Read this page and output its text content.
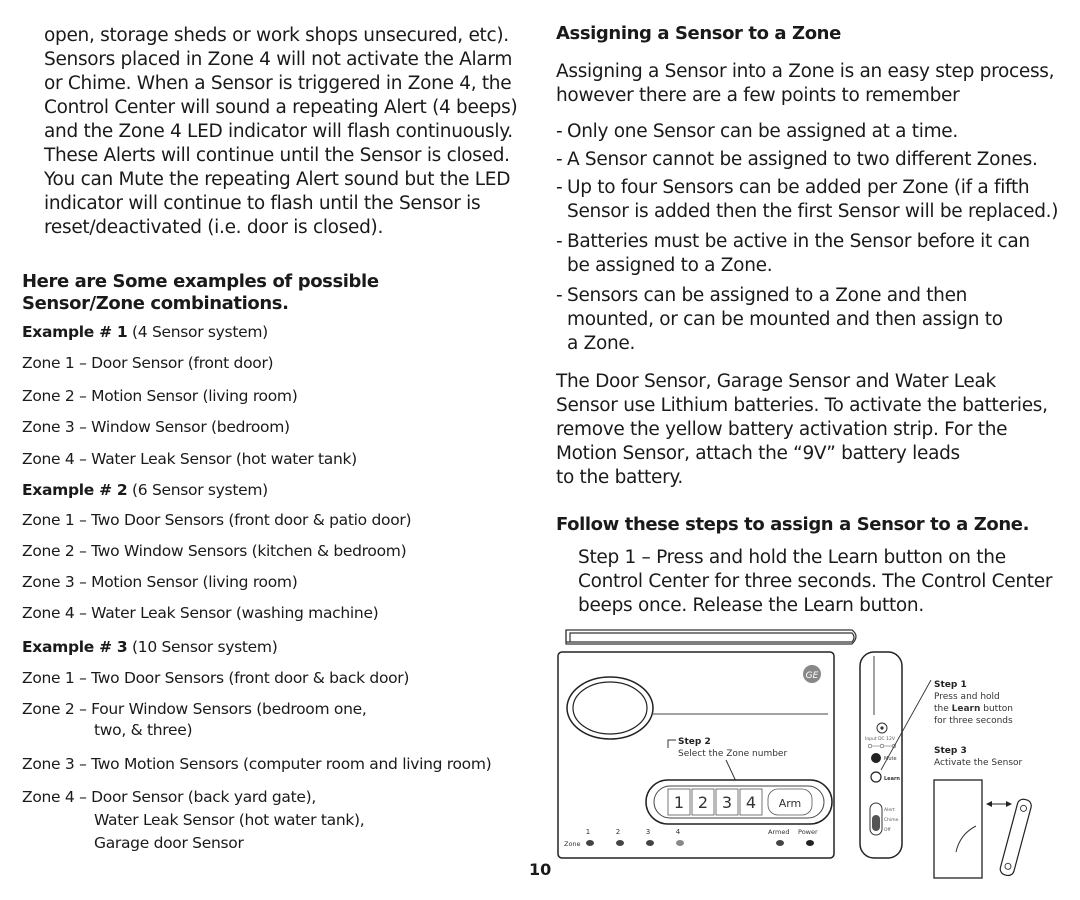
open, storage sheds or work shops unsecured, etc).

Sensors placed in Zone 4 will not activate the Alarm

or Chime. When a Sensor is triggered in Zone 4, the

Control Center will sound a repeating Alert (4 beeps)

and the Zone 4 LED indicator will flash continuously.

These Alerts will continue until the Sensor is closed.

You can Mute the repeating Alert sound but the LED

indicator will continue to flash until the Sensor is

reset/deactivated (i.e. door is closed).

Here are Some examples of possible

Sensor/Zone combinations.

Example # 1 (4 Sensor system)

Zone 1 – Door Sensor (front door)

Zone 2 – Motion Sensor (living room)

Zone 3 – Window Sensor (bedroom)

Zone 4 – Water Leak Sensor (hot water tank)

Example # 2 (6 Sensor system)

Zone 1 – Two Door Sensors (front door & patio door)

Zone 2 – Two Window Sensors (kitchen & bedroom)

Zone 3 – Motion Sensor (living room)

Zone 4 – Water Leak Sensor (washing machine)

Example # 3 (10 Sensor system)

Zone 1 – Two Door Sensors (front door & back door)

Zone 2 – Four Window Sensors (bedroom one,

two, & three)

Zone 3 – Two Motion Sensors (computer room and living room)

Zone 4 – Door Sensor (back yard gate),

Water Leak Sensor (hot water tank),

Garage door Sensor

Assigning a Sensor to a Zone

Assigning a Sensor into a Zone is an easy step process,

however there are a few points to remember

- Only one Sensor can be assigned at a time.
- A Sensor cannot be assigned to two different Zones.
- Up to four Sensors can be added per Zone (if a fifth
Sensor is added then the first Sensor will be replaced.)
- Batteries must be active in the Sensor before it can
be assigned to a Zone.
- Sensors can be assigned to a Zone and then
mounted, or can be mounted and then assign to
a Zone.

The Door Sensor, Garage Sensor and Water Leak

Sensor use Lithium batteries. To activate the batteries,

remove the yellow battery activation strip. For the

Motion Sensor, attach the “9V” battery leads

to the battery.

Follow these steps to assign a Sensor to a Zone.

Step 1 – Press and hold the Learn button on the

Control Center for three seconds. The Control Center

beeps once. Release the Learn button.

GE
Step 2
Select the Zone number
1 2 3 4 Arm
1	2	3	4	Armed Power
Zone
Input DC 12V
Mute
Learn
Alert
Chime
Off
Step 1
Press and hold
the Learn button
for three seconds
Step 3
Activate the Sensor
10
